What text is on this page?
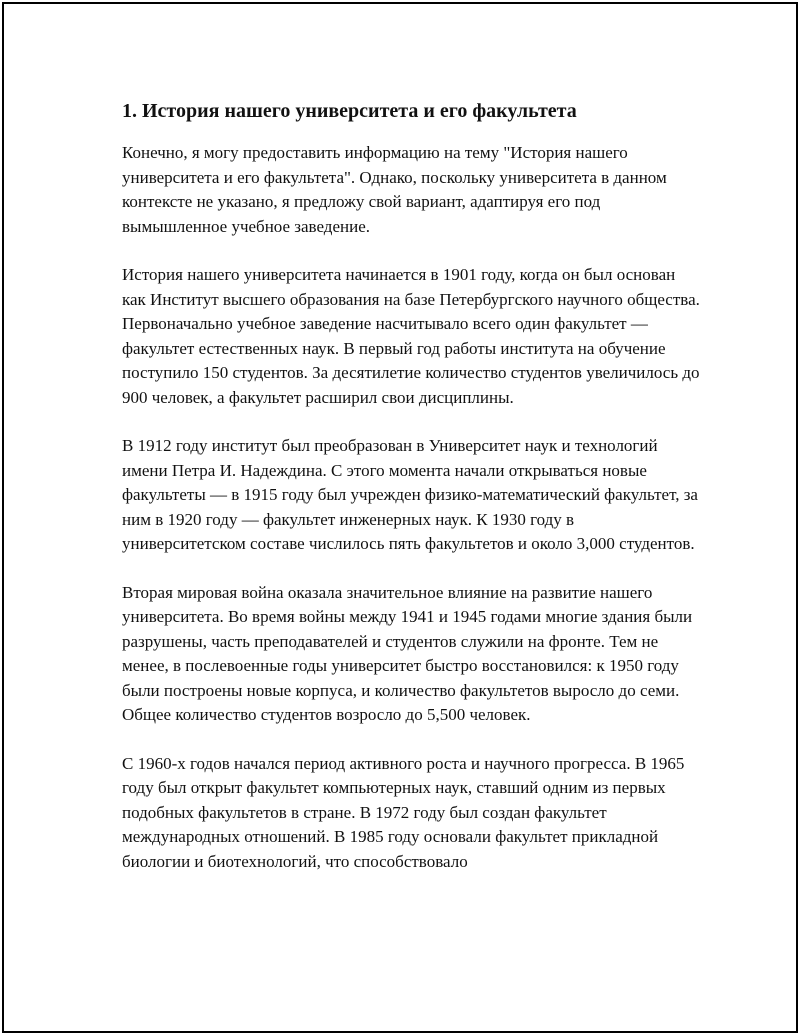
1. История нашего университета и его факультета

Конечно, я могу предоставить информацию на тему "История нашего университета и его факультета". Однако, поскольку университета в данном контексте не указано, я предложу свой вариант, адаптируя его под вымышленное учебное заведение.

История нашего университета начинается в 1901 году, когда он был основан как Институт высшего образования на базе Петербургского научного общества. Первоначально учебное заведение насчитывало всего один факультет — факультет естественных наук. В первый год работы института на обучение поступило 150 студентов. За десятилетие количество студентов увеличилось до 900 человек, а факультет расширил свои дисциплины.

В 1912 году институт был преобразован в Университет наук и технологий имени Петра И. Надеждина. С этого момента начали открываться новые факультеты — в 1915 году был учрежден физико-математический факультет, за ним в 1920 году — факультет инженерных наук. К 1930 году в университетском составе числилось пять факультетов и около 3,000 студентов.

Вторая мировая война оказала значительное влияние на развитие нашего университета. Во время войны между 1941 и 1945 годами многие здания были разрушены, часть преподавателей и студентов служили на фронте. Тем не менее, в послевоенные годы университет быстро восстановился: к 1950 году были построены новые корпуса, и количество факультетов выросло до семи. Общее количество студентов возросло до 5,500 человек.

С 1960-х годов начался период активного роста и научного прогресса. В 1965 году был открыт факультет компьютерных наук, ставший одним из первых подобных факультетов в стране. В 1972 году был создан факультет международных отношений. В 1985 году основали факультет прикладной биологии и биотехнологий, что способствовало
